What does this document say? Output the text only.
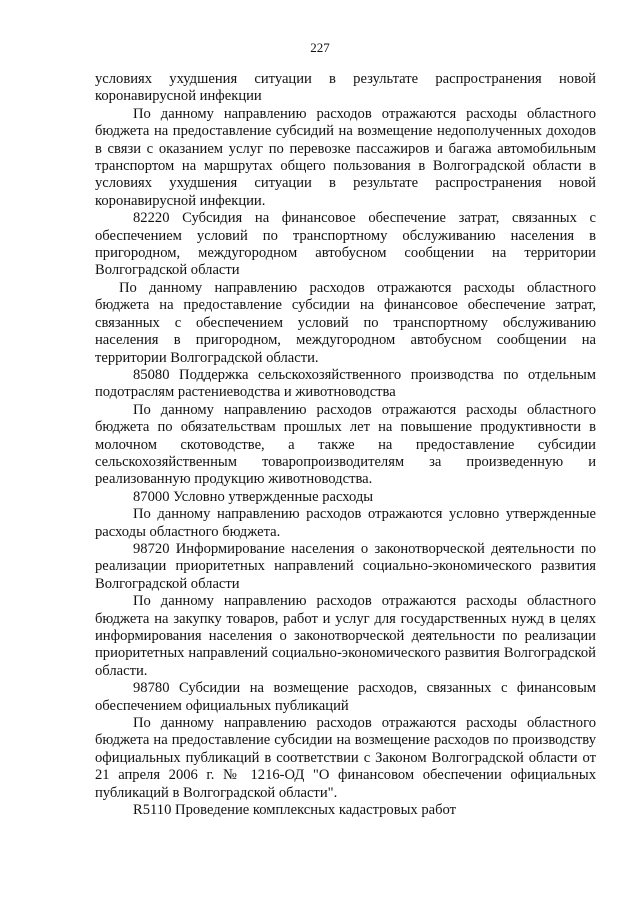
227

условиях ухудшения ситуации в результате распространения новой коронавирусной инфекции

По данному направлению расходов отражаются расходы областного бюджета на предоставление субсидий на возмещение недополученных доходов в связи с оказанием услуг по перевозке пассажиров и багажа автомобильным транспортом на маршрутах общего пользования в Волгоградской области в условиях ухудшения ситуации в результате распространения новой коронавирусной инфекции.

82220 Субсидия на финансовое обеспечение затрат, связанных с обеспечением условий по транспортному обслуживанию населения в пригородном, междугородном автобусном сообщении на территории Волгоградской области

По данному направлению расходов отражаются расходы областного бюджета на предоставление субсидии на финансовое обеспечение затрат, связанных с обеспечением условий по транспортному обслуживанию населения в пригородном, междугородном автобусном сообщении на территории Волгоградской области.

85080 Поддержка сельскохозяйственного производства по отдельным подотраслям растениеводства и животноводства

По данному направлению расходов отражаются расходы областного бюджета по обязательствам прошлых лет на повышение продуктивности в молочном скотоводстве, а также на предоставление субсидии сельскохозяйственным товаропроизводителям за произведенную и реализованную продукцию животноводства.

87000 Условно утвержденные расходы

По данному направлению расходов отражаются условно утвержденные расходы областного бюджета.

98720 Информирование населения о законотворческой деятельности по реализации приоритетных направлений социально-экономического развития Волгоградской области

По данному направлению расходов отражаются расходы областного бюджета на закупку товаров, работ и услуг для государственных нужд в целях информирования населения о законотворческой деятельности по реализации приоритетных направлений социально-экономического развития Волгоградской области.

98780 Субсидии на возмещение расходов, связанных с финансовым обеспечением официальных публикаций

По данному направлению расходов отражаются расходы областного бюджета на предоставление субсидии на возмещение расходов по производству официальных публикаций в соответствии с Законом Волгоградской области от 21 апреля 2006 г. № 1216-ОД "О финансовом обеспечении официальных публикаций в Волгоградской области".

R5110 Проведение комплексных кадастровых работ
